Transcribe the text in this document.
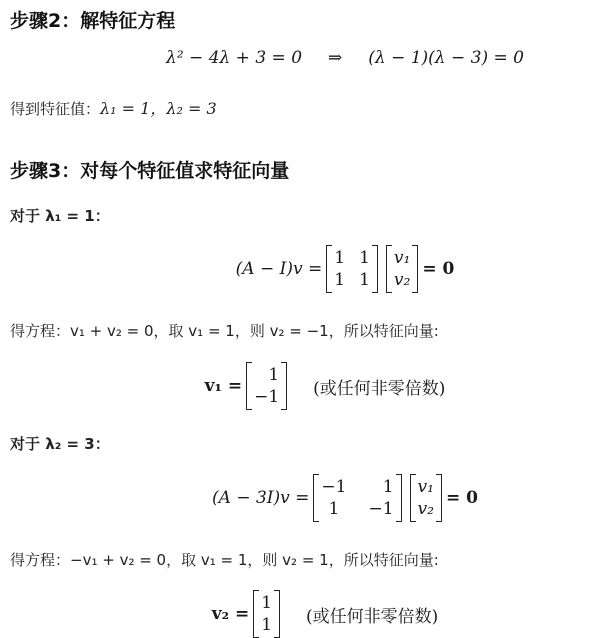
步骤2：解特征方程
λ² − 4λ + 3 = 0 ⇒ (λ − 1)(λ − 3) = 0
得到特征值：λ₁ = 1，λ₂ = 3
步骤3：对每个特征值求特征向量
对于 λ₁ = 1：
(A − I)v =
1 1
1 1
v₁
v₂
= 0
得方程：v₁ + v₂ = 0，取 v₁ = 1，则 v₂ = −1，所以特征向量:
v₁ =
1
−1 (或任何非零倍数)
对于 λ₂ = 3：
(A − 3I)v =
−1	1
1	−1
v₁
v₂
= 0
得方程：−v₁ + v₂ = 0，取 v₁ = 1，则 v₂ = 1，所以特征向量:
v₂ =
1
1 (或任何非零倍数)
